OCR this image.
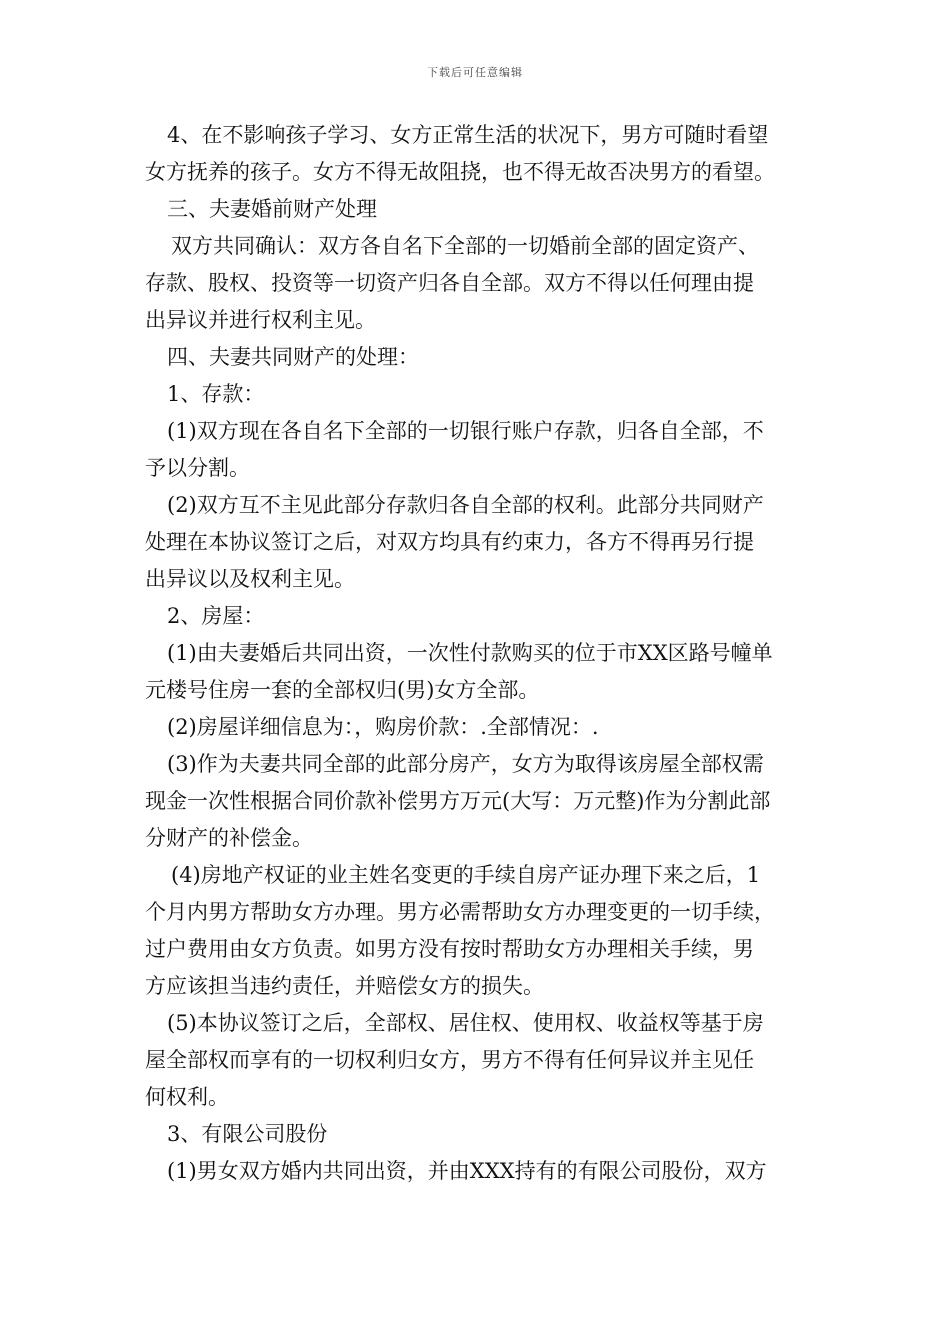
下载后可任意编辑

4、在不影响孩子学习、女方正常生活的状况下，男方可随时看望

女方抚养的孩子。女方不得无故阻挠，也不得无故否决男方的看望。

三、夫妻婚前财产处理

双方共同确认：双方各自名下全部的一切婚前全部的固定资产、

存款、股权、投资等一切资产归各自全部。双方不得以任何理由提

出异议并进行权利主见。

四、夫妻共同财产的处理：

1、存款：

(1)双方现在各自名下全部的一切银行账户存款，归各自全部，不

予以分割。

(2)双方互不主见此部分存款归各自全部的权利。此部分共同财产

处理在本协议签订之后，对双方均具有约束力，各方不得再另行提

出异议以及权利主见。

2、房屋：

(1)由夫妻婚后共同出资，一次性付款购买的位于市XX区路号幢单

元楼号住房一套的全部权归(男)女方全部。

(2)房屋详细信息为：，购房价款：.全部情况：.

(3)作为夫妻共同全部的此部分房产，女方为取得该房屋全部权需

现金一次性根据合同价款补偿男方万元(大写：万元整)作为分割此部

分财产的补偿金。

(4)房地产权证的业主姓名变更的手续自房产证办理下来之后，1

个月内男方帮助女方办理。男方必需帮助女方办理变更的一切手续，

过户费用由女方负责。如男方没有按时帮助女方办理相关手续，男

方应该担当违约责任，并赔偿女方的损失。

(5)本协议签订之后，全部权、居住权、使用权、收益权等基于房

屋全部权而享有的一切权利归女方，男方不得有任何异议并主见任

何权利。

3、有限公司股份

(1)男女双方婚内共同出资，并由XXX持有的有限公司股份，双方
